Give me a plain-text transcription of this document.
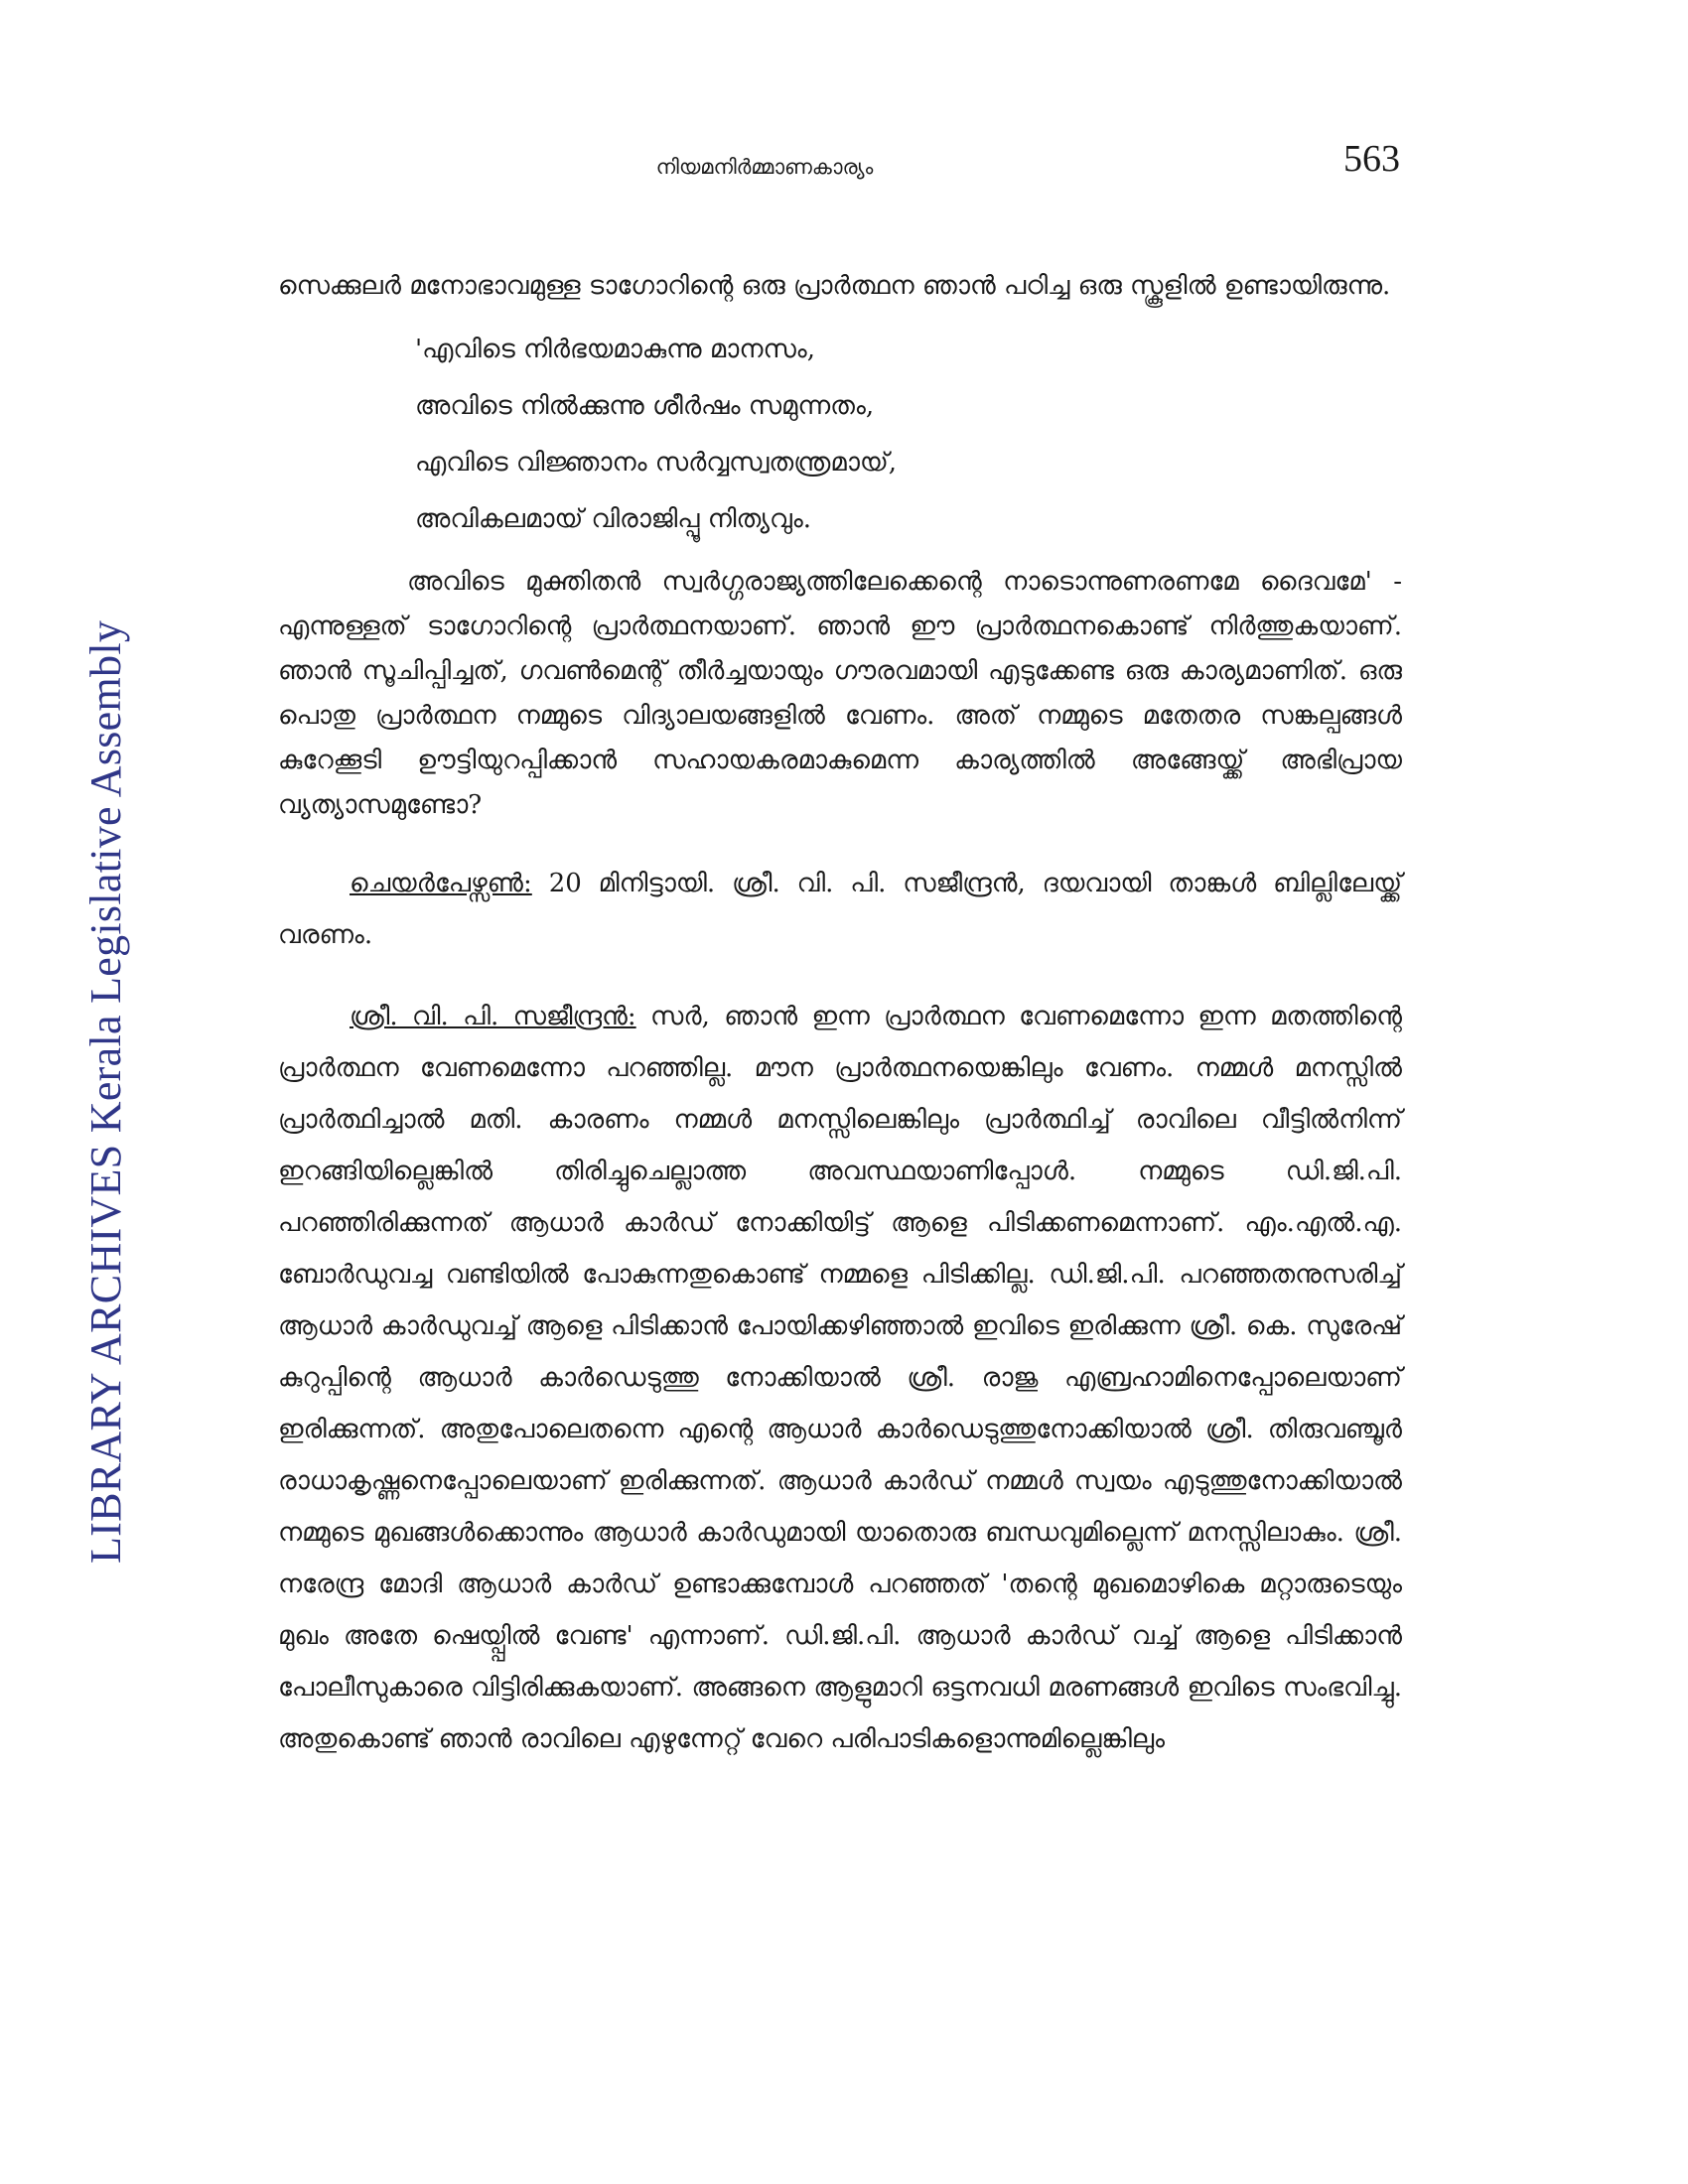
LIBRARY ARCHIVES Kerala Legislative Assembly
നിയമനിർമ്മാണകാര്യം	563

സെക്കുലർ മനോഭാവമുള്ള ടാഗോറിന്റെ ഒരു പ്രാർത്ഥന ഞാൻ പഠിച്ച ഒരു സ്കൂളിൽ ഉണ്ടായിരുന്നു.

'എവിടെ നിർഭയമാകുന്നു മാനസം,
അവിടെ നിൽക്കുന്നു ശീർഷം സമുന്നതം,
എവിടെ വിജ്ഞാനം സർവ്വസ്വതന്ത്രമായ്,
അവികലമായ് വിരാജിപ്പൂ നിത്യവും.

അവിടെ മുക്തിതൻ സ്വർഗ്ഗരാജ്യത്തിലേക്കെന്റെ നാടൊന്നുണരണമേ ദൈവമേ' - എന്നുള്ളത് ടാഗോറിന്റെ പ്രാർത്ഥനയാണ്. ഞാൻ ഈ പ്രാർത്ഥനകൊണ്ട് നിർത്തുകയാണ്. ഞാൻ സൂചിപ്പിച്ചത്, ഗവൺമെന്റ് തീർച്ചയായും ഗൗരവമായി എടുക്കേണ്ട ഒരു കാര്യമാണിത്. ഒരു പൊതു പ്രാർത്ഥന നമ്മുടെ വിദ്യാലയങ്ങളിൽ വേണം. അത് നമ്മുടെ മതേതര സങ്കല്പങ്ങൾ കുറേക്കൂടി ഊട്ടിയുറപ്പിക്കാൻ സഹായകരമാകുമെന്ന കാര്യത്തിൽ അങ്ങേയ്ക്ക് അഭിപ്രായ വ്യത്യാസമുണ്ടോ?

ചെയർപേഴ്സൺ: 20 മിനിട്ടായി. ശ്രീ. വി. പി. സജീന്ദ്രൻ, ദയവായി താങ്കൾ ബില്ലിലേയ്ക്ക് വരണം.

ശ്രീ. വി. പി. സജീന്ദ്രൻ: സർ, ഞാൻ ഇന്ന പ്രാർത്ഥന വേണമെന്നോ ഇന്ന മതത്തിന്റെ പ്രാർത്ഥന വേണമെന്നോ പറഞ്ഞില്ല. മൗന പ്രാർത്ഥനയെങ്കിലും വേണം. നമ്മൾ മനസ്സിൽ പ്രാർത്ഥിച്ചാൽ മതി. കാരണം നമ്മൾ മനസ്സിലെങ്കിലും പ്രാർത്ഥിച്ച് രാവിലെ വീട്ടിൽനിന്ന് ഇറങ്ങിയില്ലെങ്കിൽ തിരിച്ചുചെല്ലാത്ത അവസ്ഥയാണിപ്പോൾ. നമ്മുടെ ഡി.ജി.പി. പറഞ്ഞിരിക്കുന്നത് ആധാർ കാർഡ് നോക്കിയിട്ട് ആളെ പിടിക്കണമെന്നാണ്. എം.എൽ.എ. ബോർഡുവച്ച വണ്ടിയിൽ പോകുന്നതുകൊണ്ട് നമ്മളെ പിടിക്കില്ല. ഡി.ജി.പി. പറഞ്ഞതനുസരിച്ച് ആധാർ കാർഡുവച്ച് ആളെ പിടിക്കാൻ പോയിക്കഴിഞ്ഞാൽ ഇവിടെ ഇരിക്കുന്ന ശ്രീ. കെ. സുരേഷ് കുറുപ്പിന്റെ ആധാർ കാർഡെടുത്തു നോക്കിയാൽ ശ്രീ. രാജു എബ്രഹാമിനെപ്പോലെയാണ് ഇരിക്കുന്നത്. അതുപോലെതന്നെ എന്റെ ആധാർ കാർഡെടുത്തുനോക്കിയാൽ ശ്രീ. തിരുവഞ്ചൂർ രാധാകൃഷ്ണനെപ്പോലെയാണ് ഇരിക്കുന്നത്. ആധാർ കാർഡ് നമ്മൾ സ്വയം എടുത്തുനോക്കിയാൽ നമ്മുടെ മുഖങ്ങൾക്കൊന്നും ആധാർ കാർഡുമായി യാതൊരു ബന്ധവുമില്ലെന്ന് മനസ്സിലാകും. ശ്രീ. നരേന്ദ്ര മോദി ആധാർ കാർഡ് ഉണ്ടാക്കുമ്പോൾ പറഞ്ഞത് 'തന്റെ മുഖമൊഴികെ മറ്റാരുടെയും മുഖം അതേ ഷെയ്പ്പിൽ വേണ്ട' എന്നാണ്. ഡി.ജി.പി. ആധാർ കാർഡ് വച്ച് ആളെ പിടിക്കാൻ പോലീസുകാരെ വിട്ടിരിക്കുകയാണ്. അങ്ങനെ ആളുമാറി ഒട്ടനവധി മരണങ്ങൾ ഇവിടെ സംഭവിച്ചു. അതുകൊണ്ട് ഞാൻ രാവിലെ എഴുന്നേറ്റ് വേറെ പരിപാടികളൊന്നുമില്ലെങ്കിലും
